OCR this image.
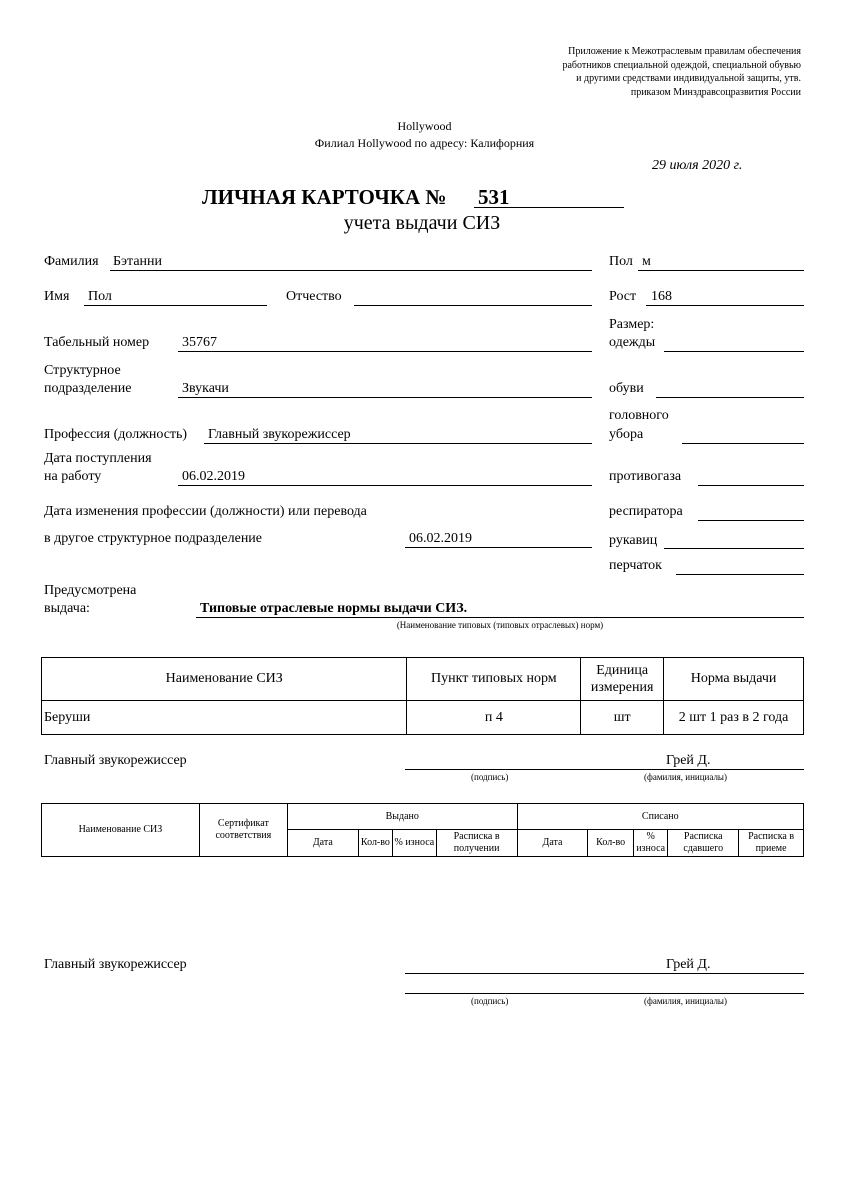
Приложение к Межотраслевым правилам обеспечения
работников специальной одеждой, специальной обувью
и другими средствами индивидуальной защиты, утв.
приказом Минздравсоцразвития России
Hollywood
Филиал Hollywood по адресу: Калифорния
29 июля 2020 г.
ЛИЧНАЯ КАРТОЧКА № 531
учета выдачи СИЗ
Фамилия Бэтанни	Пол м
Имя Пол	Отчество	Рост 168
Размер:
Табельный номер 35767	одежды
Структурное
подразделение	Звукачи	обуви
головного
Профессия (должность) Главный звукорежиссер	убора
Дата поступления
на работу	06.02.2019	противогаза
Дата изменения профессии (должности) или перевода	респиратора
в другое структурное подразделение	06.02.2019	рукавиц
перчаток
Предусмотрена
выдача:	Типовые отраслевые нормы выдачи СИЗ.
(Наименование типовых (типовых отраслевых) норм)
Наименование СИЗ	Пункт типовых норм	Единица измерения	Норма выдачи
Беруши	п 4	шт	2 шт 1 раз в 2 года
Главный звукорежиссер	Грей Д.
(подпись)	(фамилия, инициалы)
Наименование СИЗ	Сертификат соответствия	Выдано				Списано				
		Дата	Кол-во	% износа	Расписка в получении	Дата	Кол-во	% износа	Расписка сдавшего	Расписка в приеме
Главный звукорежиссер	Грей Д.
(подпись)	(фамилия, инициалы)
